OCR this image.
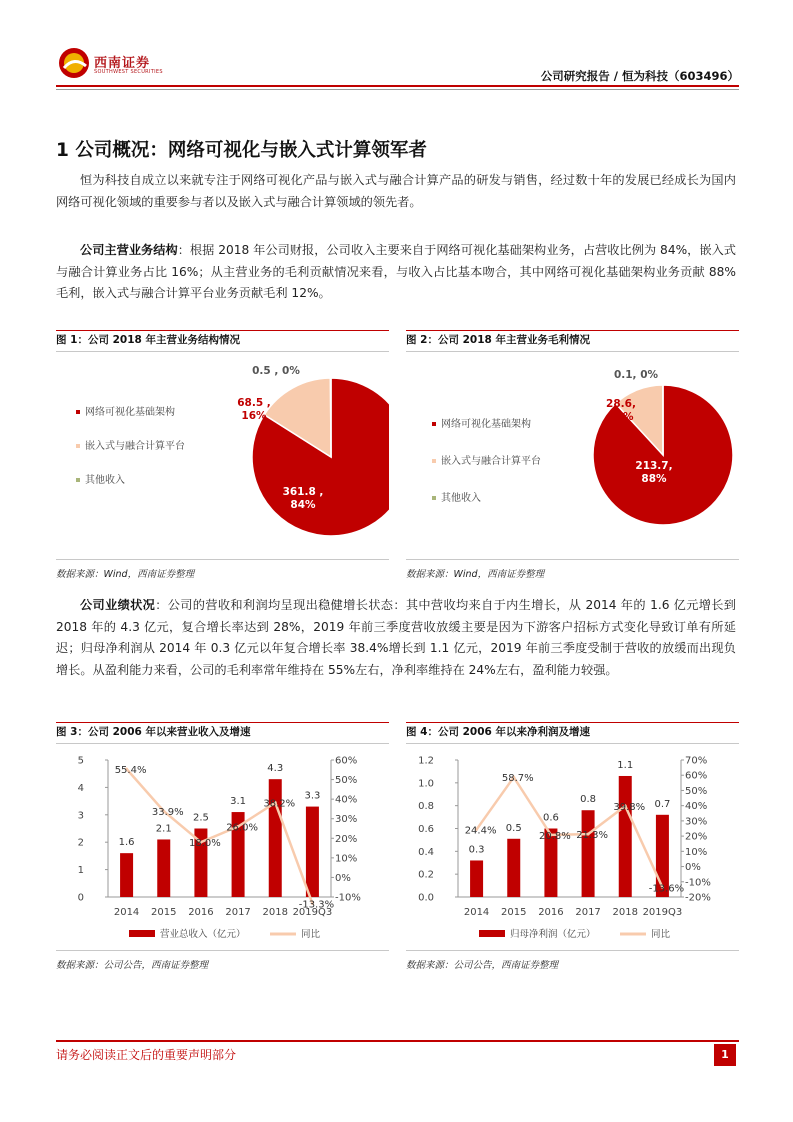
西南证券
SOUTHWEST SECURITIES	公司研究报告 / 恒为科技（603496）
1 公司概况：网络可视化与嵌入式计算领军者
恒为科技自成立以来就专注于网络可视化产品与嵌入式与融合计算产品的研发与销售，经过数十年的发展已经成长为国内网络可视化领域的重要参与者以及嵌入式与融合计算领域的领先者。
公司主营业务结构：根据 2018 年公司财报，公司收入主要来自于网络可视化基础架构业务，占营收比例为 84%，嵌入式与融合计算业务占比 16%；从主营业务的毛利贡献情况来看，与收入占比基本吻合，其中网络可视化基础架构业务贡献 88%毛利，嵌入式与融合计算平台业务贡献毛利 12%。
图 1：公司 2018 年主营业务结构情况
网络可视化基础架构
嵌入式与融合计算平台
其他收入
361.8 ,
84%
68.5 ,
16%
0.5 , 0%
数据来源：Wind，西南证券整理
图 2：公司 2018 年主营业务毛利情况
网络可视化基础架构
嵌入式与融合计算平台
其他收入
213.7,
88%
28.6,
12%
0.1, 0%
数据来源：Wind，西南证券整理
公司业绩状况：公司的营收和利润均呈现出稳健增长状态：其中营收均来自于内生增长，从 2014 年的 1.6 亿元增长到 2018 年的 4.3 亿元，复合增长率达到 28%，2019 年前三季度营收放缓主要是因为下游客户招标方式变化导致订单有所延迟；归母净利润从 2014 年 0.3 亿元以年复合增长率 38.4%增长到 1.1 亿元，2019 年前三季度受制于营收的放缓而出现负增长。从盈利能力来看，公司的毛利率常年维持在 55%左右，净利率维持在 24%左右，盈利能力较强。
图 3：公司 2006 年以来营业收入及增速
0
1
2
3
4
5
-10%
0%
10%
20%
30%
40%
50%
60%
1.6
2014
2.1
2015
2.5
2016
3.1
2017
4.3
2018
3.3
2019Q3
55.4%
33.9%
18.0%
26.0%
38.2%
-13.3%
营业总收入（亿元）	同比
数据来源：公司公告，西南证券整理
图 4：公司 2006 年以来净利润及增速
0.0
0.2
0.4
0.6
0.8
1.0
1.2
-20%
-10%
0%
10%
20%
30%
40%
50%
60%
70%
0.3
2014
0.5
2015
0.6
2016
0.8
2017
1.1
2018
0.7
2019Q3
24.4%
58.7%
20.8% 21.3%
39.8%
-13.6%
归母净利润（亿元）	同比
数据来源：公司公告，西南证券整理
请务必阅读正文后的重要声明部分	1
